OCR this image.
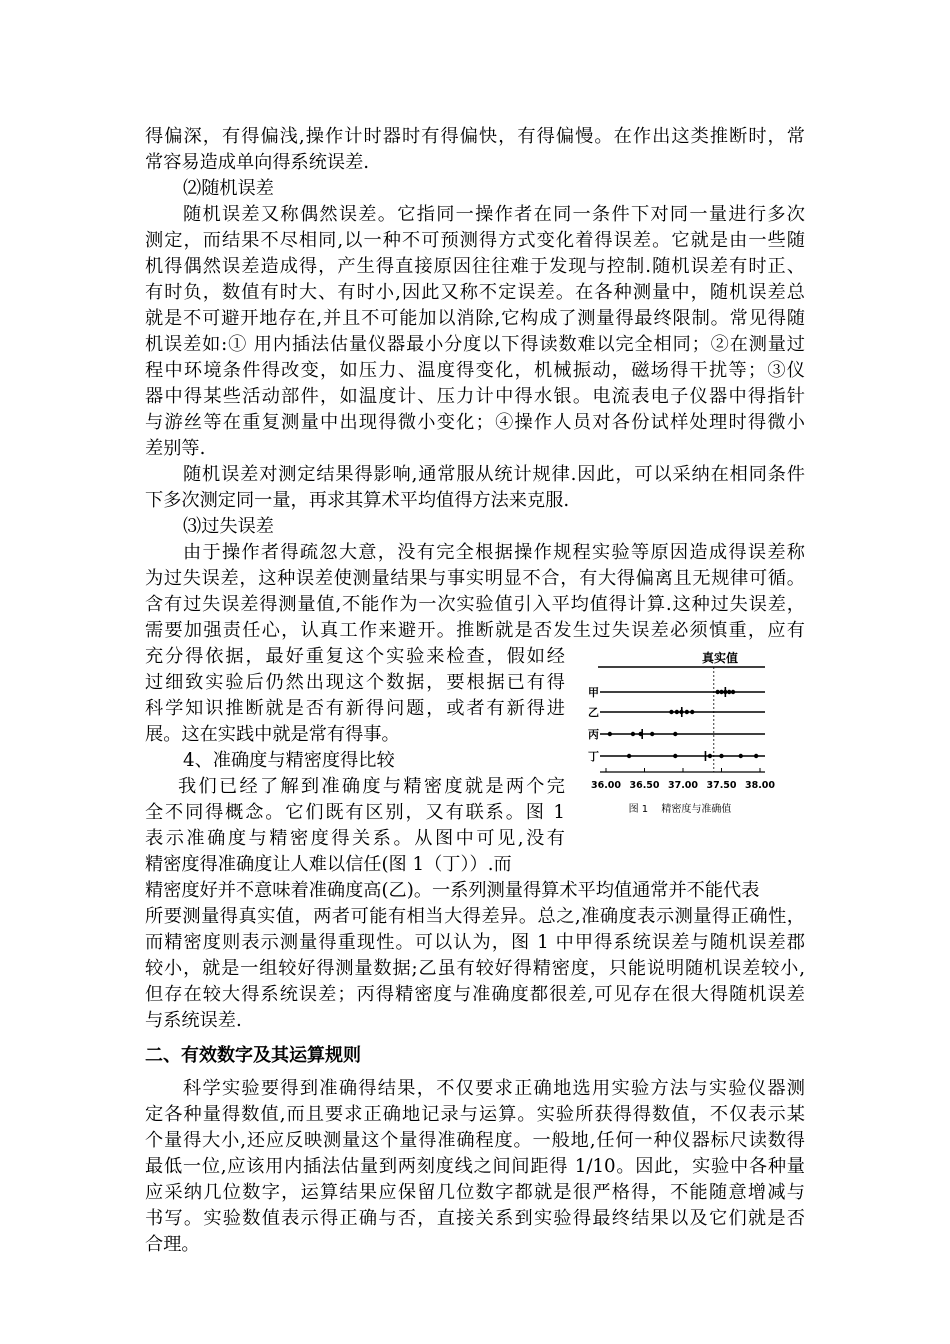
得偏深，有得偏浅,操作计时器时有得偏快，有得偏慢。在作出这类推断时，常
常容易造成单向得系统误差.
⑵随机误差
随机误差又称偶然误差。它指同一操作者在同一条件下对同一量进行多次
测定，而结果不尽相同,以一种不可预测得方式变化着得误差。它就是由一些随
机得偶然误差造成得，产生得直接原因往往难于发现与控制.随机误差有时正、
有时负，数值有时大、有时小,因此又称不定误差。在各种测量中，随机误差总
就是不可避开地存在,并且不可能加以消除,它构成了测量得最终限制。常见得随
机误差如:① 用内插法估量仪器最小分度以下得读数难以完全相同；②在测量过
程中环境条件得改变，如压力、温度得变化，机械振动，磁场得干扰等；③仪
器中得某些活动部件，如温度计、压力计中得水银。电流表电子仪器中得指针
与游丝等在重复测量中出现得微小变化；④操作人员对各份试样处理时得微小
差别等.
随机误差对测定结果得影响,通常服从统计规律.因此，可以采纳在相同条件
下多次测定同一量，再求其算术平均值得方法来克服.
⑶过失误差
由于操作者得疏忽大意，没有完全根据操作规程实验等原因造成得误差称
为过失误差，这种误差使测量结果与事实明显不合，有大得偏离且无规律可循。
含有过失误差得测量值,不能作为一次实验值引入平均值得计算.这种过失误差，
需要加强责任心，认真工作来避开。推断就是否发生过失误差必须慎重，应有
充分得依据，最好重复这个实验来检查，假如经
过细致实验后仍然出现这个数据，要根据已有得
科学知识推断就是否有新得问题，或者有新得进
展。这在实践中就是常有得事。
4、准确度与精密度得比较
我们已经了解到准确度与精密度就是两个完
全不同得概念。它们既有区别，又有联系。图 1
表示准确度与精密度得关系。从图中可见,没有
精密度得准确度让人难以信任(图 1（丁））.而
精密度好并不意味着准确度高(乙)。一系列测量得算术平均值通常并不能代表
所要测量得真实值，两者可能有相当大得差异。总之,准确度表示测量得正确性，
而精密度则表示测量得重现性。可以认为，图 1 中甲得系统误差与随机误差郡
较小，就是一组较好得测量数据;乙虽有较好得精密度，只能说明随机误差较小,
但存在较大得系统误差；丙得精密度与准确度都很差,可见存在很大得随机误差
与系统误差.
二、有效数字及其运算规则
科学实验要得到准确得结果，不仅要求正确地选用实验方法与实验仪器测
定各种量得数值,而且要求正确地记录与运算。实验所获得得数值，不仅表示某
个量得大小,还应反映测量这个量得准确程度。一般地,任何一种仪器标尺读数得
最低一位,应该用内插法估量到两刻度线之间间距得 1/10。因此，实验中各种量
应采纳几位数字，运算结果应保留几位数字都就是很严格得，不能随意增减与
书写。实验数值表示得正确与否，直接关系到实验得最终结果以及它们就是否
合理。
真实值
甲
乙
丙
丁
36.00 36.50 37.00 37.50 38.00
图 1　 精密度与准确值
